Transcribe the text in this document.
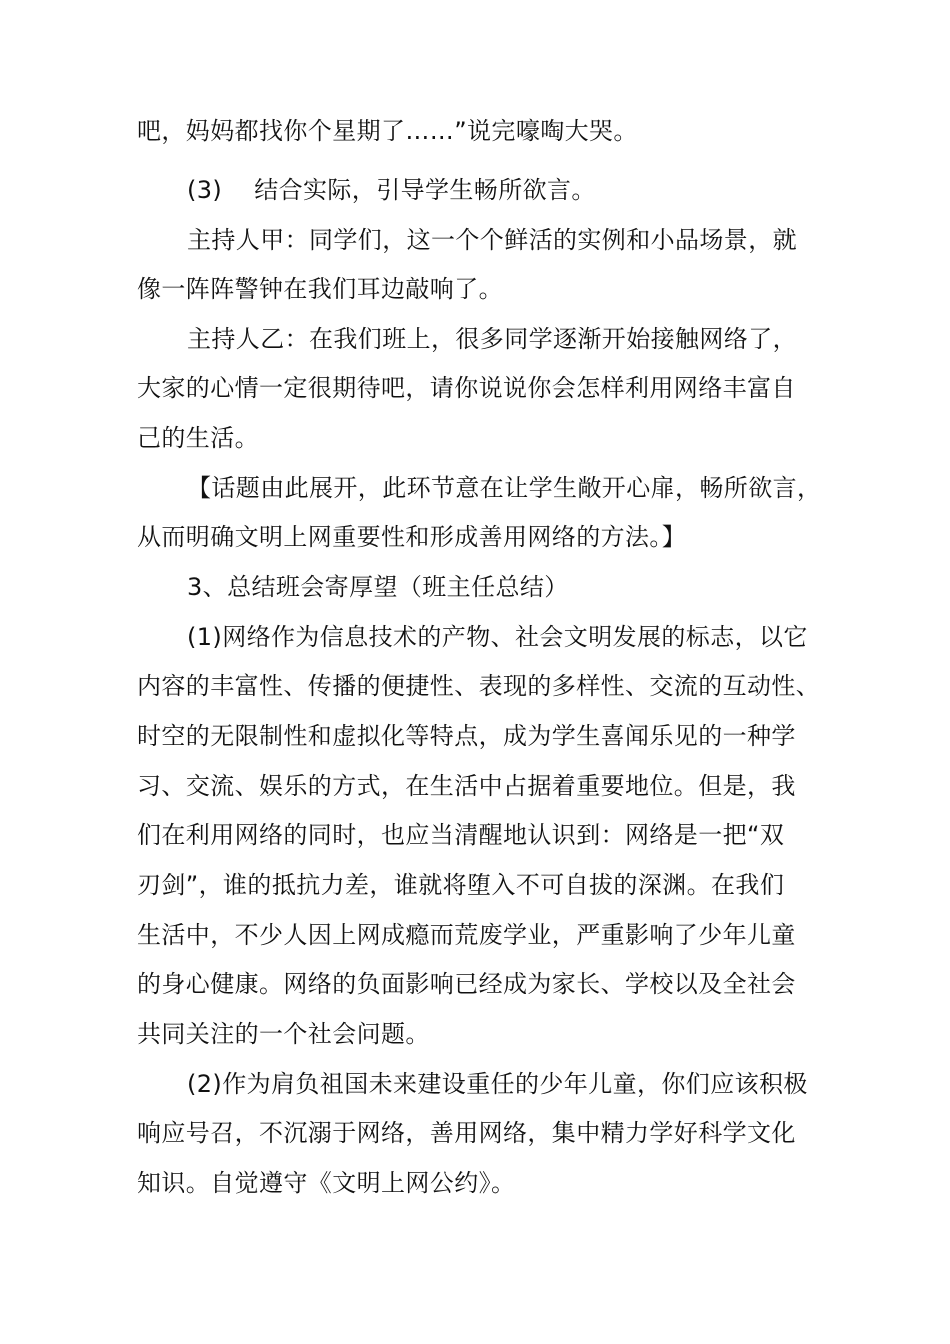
吧，妈妈都找你个星期了……”说完嚎啕大哭。
(3) 结合实际，引导学生畅所欲言。
主持人甲：同学们，这一个个鲜活的实例和小品场景，就
像一阵阵警钟在我们耳边敲响了。
主持人乙：在我们班上，很多同学逐渐开始接触网络了，
大家的心情一定很期待吧，请你说说你会怎样利用网络丰富自
己的生活。
【话题由此展开，此环节意在让学生敞开心扉，畅所欲言，
从而明确文明上网重要性和形成善用网络的方法。】
3、总结班会寄厚望（班主任总结）
(1)网络作为信息技术的产物、社会文明发展的标志，以它
内容的丰富性、传播的便捷性、表现的多样性、交流的互动性、
时空的无限制性和虚拟化等特点，成为学生喜闻乐见的一种学
习、交流、娱乐的方式，在生活中占据着重要地位。但是，我
们在利用网络的同时，也应当清醒地认识到：网络是一把“双
刃剑”，谁的抵抗力差，谁就将堕入不可自拔的深渊。在我们
生活中，不少人因上网成瘾而荒废学业，严重影响了少年儿童
的身心健康。网络的负面影响已经成为家长、学校以及全社会
共同关注的一个社会问题。
(2)作为肩负祖国未来建设重任的少年儿童，你们应该积极
响应号召，不沉溺于网络，善用网络，集中精力学好科学文化
知识。自觉遵守《文明上网公约》。
